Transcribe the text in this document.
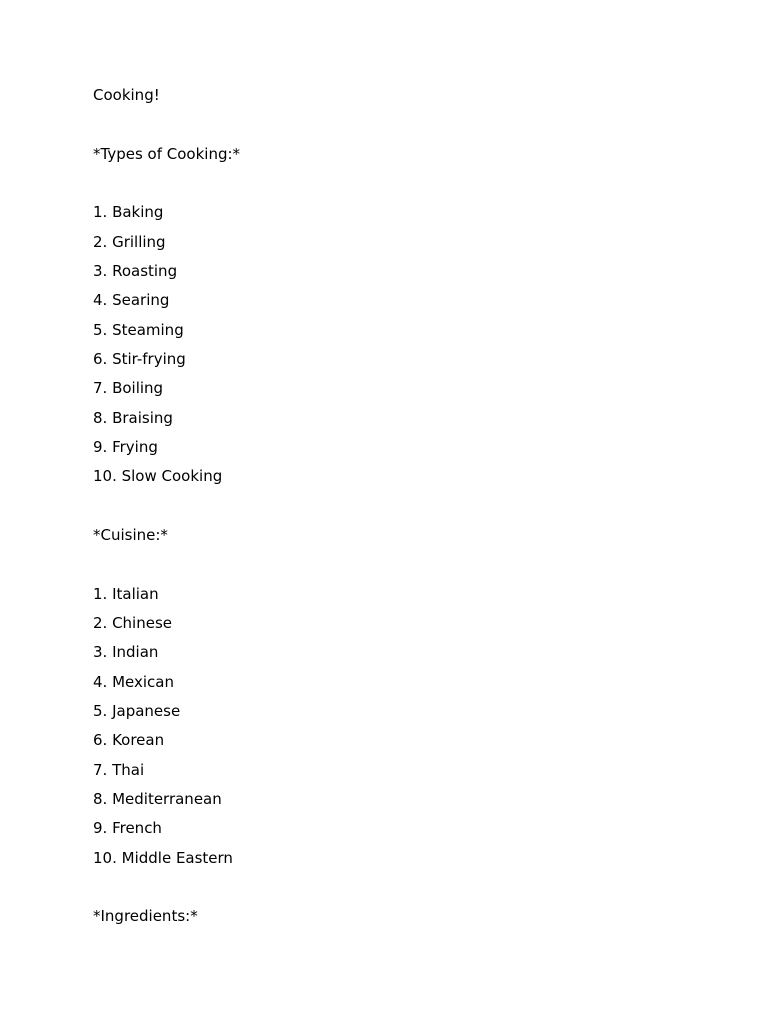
Cooking!
*Types of Cooking:*
1. Baking
2. Grilling
3. Roasting
4. Searing
5. Steaming
6. Stir-frying
7. Boiling
8. Braising
9. Frying
10. Slow Cooking
*Cuisine:*
1. Italian
2. Chinese
3. Indian
4. Mexican
5. Japanese
6. Korean
7. Thai
8. Mediterranean
9. French
10. Middle Eastern
*Ingredients:*
